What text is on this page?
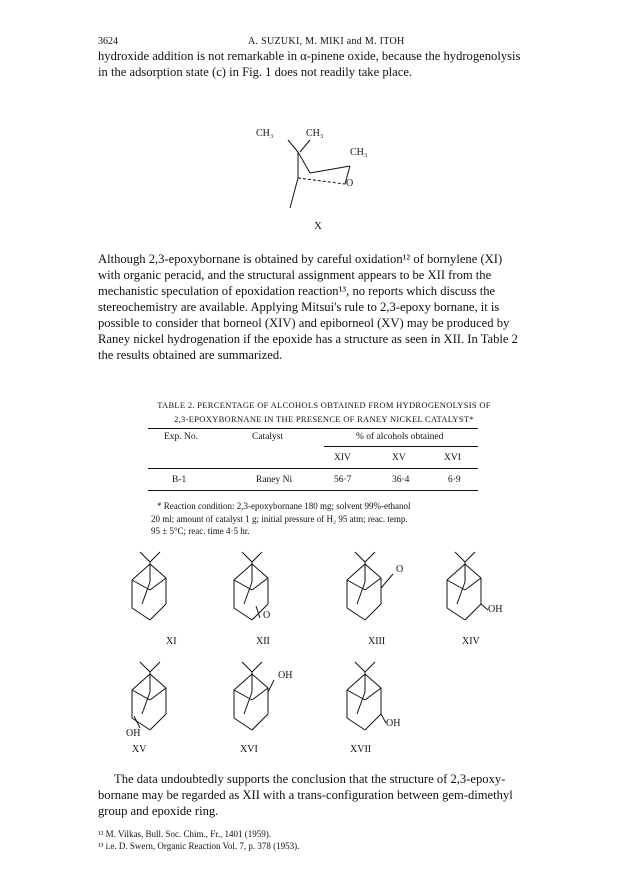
3624	A. SUZUKI, M. MIKI and M. ITOH
hydroxide addition is not remarkable in α-pinene oxide, because the hydrogenolysis
in the adsorption state (c) in Fig. 1 does not readily take place.
CH₃	CH₃
CH₃
O
X
Although 2,3-epoxybornane is obtained by careful oxidation¹² of bornylene (XI)
with organic peracid, and the structural assignment appears to be XII from the
mechanistic speculation of epoxidation reaction¹³, no reports which discuss the
stereochemistry are available. Applying Mitsui's rule to 2,3-epoxy bornane, it is
possible to consider that borneol (XIV) and epiborneol (XV) may be produced by
Raney nickel hydrogenation if the epoxide has a structure as seen in XII. In Table 2
the results obtained are summarized.
TABLE 2. PERCENTAGE OF ALCOHOLS OBTAINED FROM HYDROGENOLYSIS OF
2,3-EPOXYBORNANE IN THE PRESENCE OF RANEY NICKEL CATALYST*
Exp. No.	Catalyst	% of alcohols obtained
XIV	XV	XVI
B-1	Raney Ni	56·7	36·4	6·9
* Reaction condition: 2,3-epoxybornane 180 mg; solvent 99%-ethanol
20 ml; amount of catalyst 1 g; initial pressure of H₂ 95 atm; reac. temp.
95 ± 5°C; reac. time 4·5 hr.
O
O
OH
XI	XII	XIII	XIV
OH
OH
OH
XV	XVI	XVII
The data undoubtedly supports the conclusion that the structure of 2,3-epoxy-
bornane may be regarded as XII with a trans-configuration between gem-dimethyl
group and epoxide ring.
¹² M. Vilkas, Bull. Soc. Chim., Fr., 1401 (1959).
¹³ i.e. D. Swern, Organic Reaction Vol. 7, p. 378 (1953).
